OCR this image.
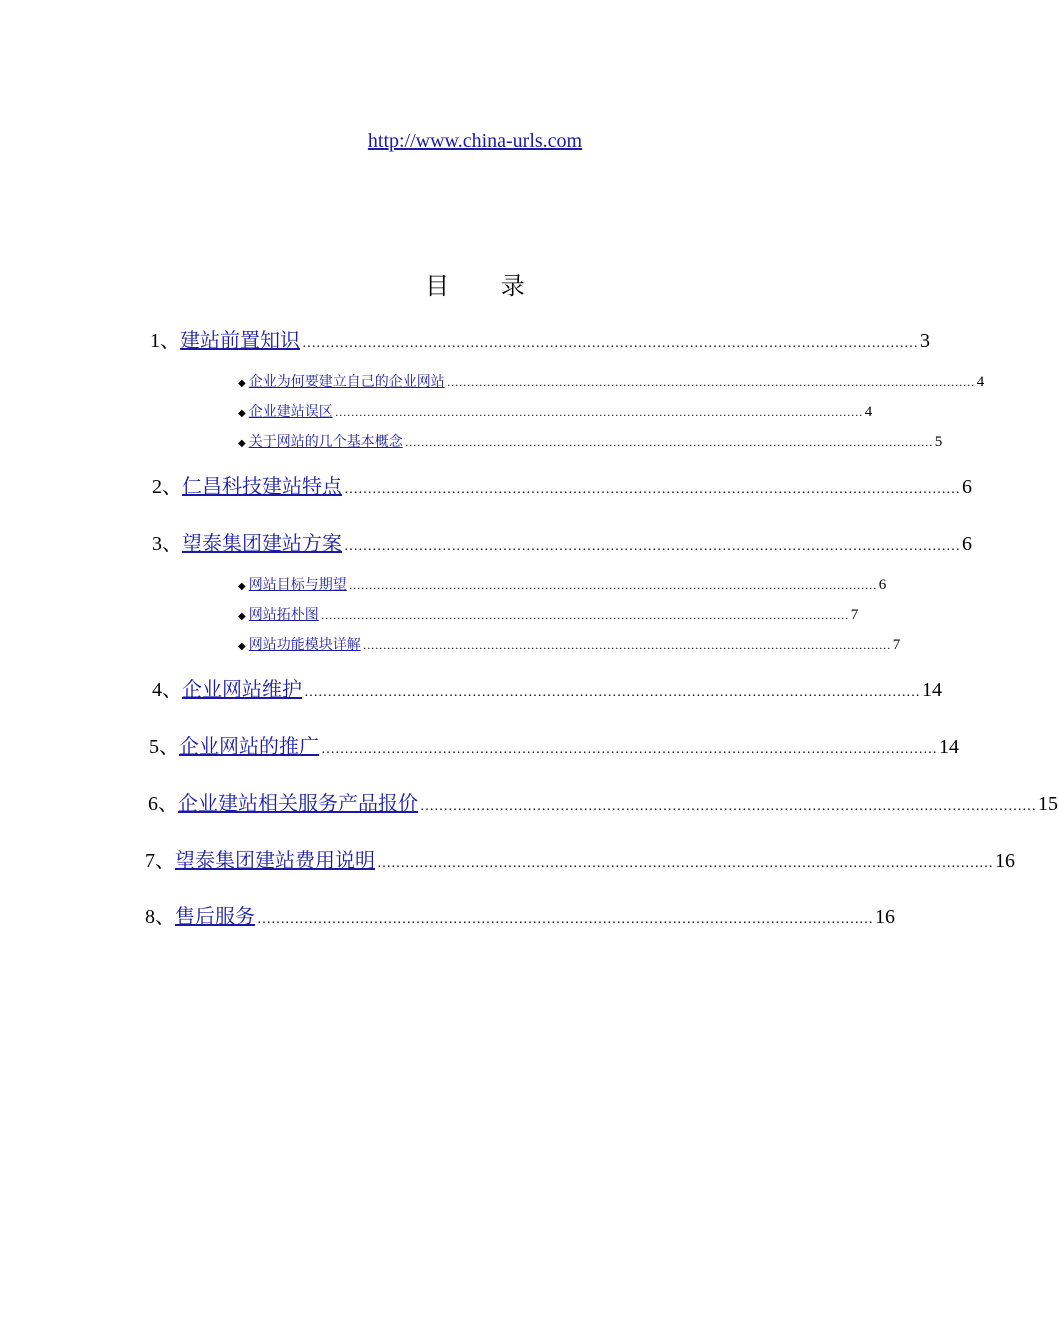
http://www.china-urls.com
目 录
1、 建站前置知识 …………………………………………………………………………………………………………………… 3
◆ 企业为何要建立自己的企业网站 …………………………………………………………………………………………………………………… 4
◆ 企业建站误区 …………………………………………………………………………………………………………………… 4
◆ 关于网站的几个基本概念 …………………………………………………………………………………………………………………… 5
2、 仁昌科技建站特点 …………………………………………………………………………………………………………………… 6
3、 望泰集团建站方案 …………………………………………………………………………………………………………………… 6
◆ 网站目标与期望 …………………………………………………………………………………………………………………… 6
◆ 网站拓朴图 …………………………………………………………………………………………………………………… 7
◆ 网站功能模块详解 …………………………………………………………………………………………………………………… 7
4、 企业网站维护 …………………………………………………………………………………………………………………… 14
5、 企业网站的推广 …………………………………………………………………………………………………………………… 14
6、 企业建站相关服务产品报价 …………………………………………………………………………………………………………………… 15
7、 望泰集团建站费用说明 …………………………………………………………………………………………………………………… 16
8、 售后服务 …………………………………………………………………………………………………………………… 16
